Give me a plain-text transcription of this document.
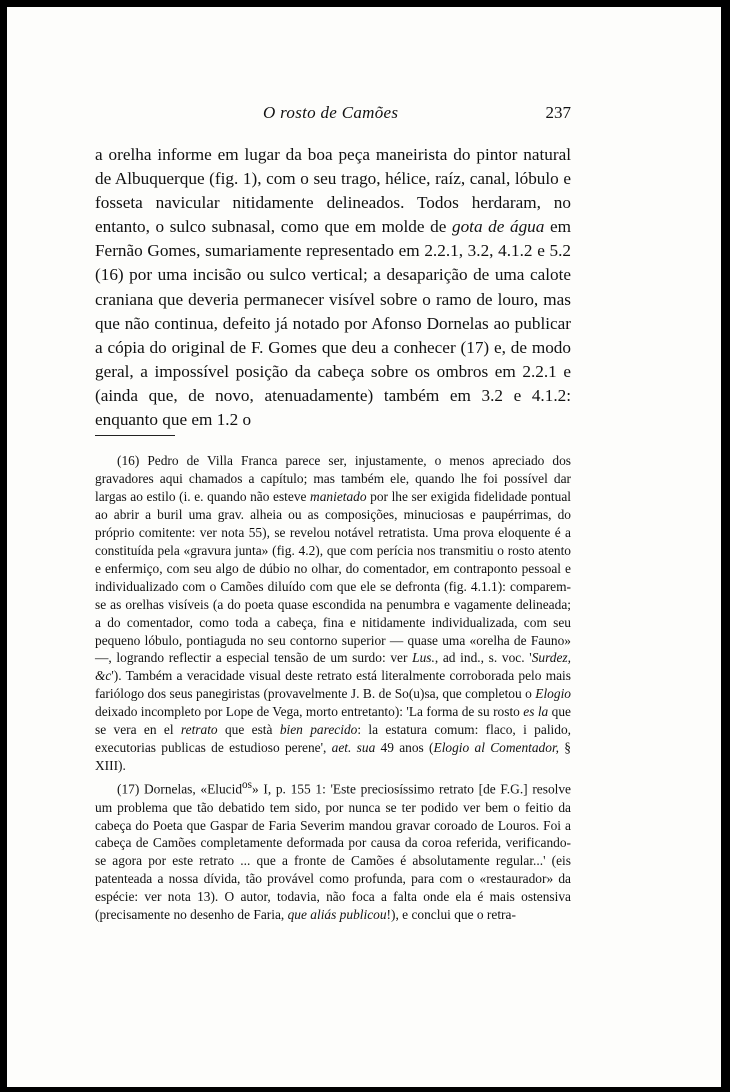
O rosto de Camões	237

a orelha informe em lugar da boa peça maneirista do pintor natural de Albuquerque (fig. 1), com o seu trago, hélice, raíz, canal, lóbulo e fosseta navicular nitidamente delineados. Todos herdaram, no entanto, o sulco subnasal, como que em molde de gota de água em Fernão Gomes, sumariamente representado em 2.2.1, 3.2, 4.1.2 e 5.2 (16) por uma incisão ou sulco vertical; a desaparição de uma calote craniana que deveria permanecer visível sobre o ramo de louro, mas que não continua, defeito já notado por Afonso Dornelas ao publicar a cópia do original de F. Gomes que deu a conhecer (17) e, de modo geral, a impossível posição da cabeça sobre os ombros em 2.2.1 e (ainda que, de novo, atenuadamente) também em 3.2 e 4.1.2: enquanto que em 1.2 o

(16) Pedro de Villa Franca parece ser, injustamente, o menos apreciado dos gravadores aqui chamados a capítulo; mas também ele, quando lhe foi possível dar largas ao estilo (i. e. quando não esteve manietado por lhe ser exigida fidelidade pontual ao abrir a buril uma grav. alheia ou as composições, minuciosas e paupérrimas, do próprio comitente: ver nota 55), se revelou notável retratista. Uma prova eloquente é a constituída pela «gravura junta» (fig. 4.2), que com perícia nos transmitiu o rosto atento e enfermiço, com seu algo de dúbio no olhar, do comentador, em contraponto pessoal e individualizado com o Camões diluído com que ele se defronta (fig. 4.1.1): comparem-se as orelhas visíveis (a do poeta quase escondida na penumbra e vagamente delineada; a do comentador, como toda a cabeça, fina e nitidamente individualizada, com seu pequeno lóbulo, pontiaguda no seu contorno superior — quase uma «orelha de Fauno» —, logrando reflectir a especial tensão de um surdo: ver Lus., ad ind., s. voc. 'Surdez, &c'). Também a veracidade visual deste retrato está literalmente corroborada pelo mais fariólogo dos seus panegiristas (provavelmente J. B. de So(u)sa, que completou o Elogio deixado incompleto por Lope de Vega, morto entretanto): 'La forma de su rosto es la que se vera en el retrato que està bien parecido: la estatura comum: flaco, i palido, executorias publicas de estudioso perene', aet. sua 49 anos (Elogio al Comentador, § XIII).

(17) Dornelas, «Elucid$^{os}$» I, p. 155 1: 'Este preciosíssimo retrato [de F.G.] resolve um problema que tão debatido tem sido, por nunca se ter podido ver bem o feitio da cabeça do Poeta que Gaspar de Faria Severim mandou gravar coroado de Louros. Foi a cabeça de Camões completamente deformada por causa da coroa referida, verificando-se agora por este retrato ... que a fronte de Camões é absolutamente regular...' (eis patenteada a nossa dívida, tão provável como profunda, para com o «restaurador» da espécie: ver nota 13). O autor, todavia, não foca a falta onde ela é mais ostensiva (precisamente no desenho de Faria, que aliás publicou!), e conclui que o retra-
